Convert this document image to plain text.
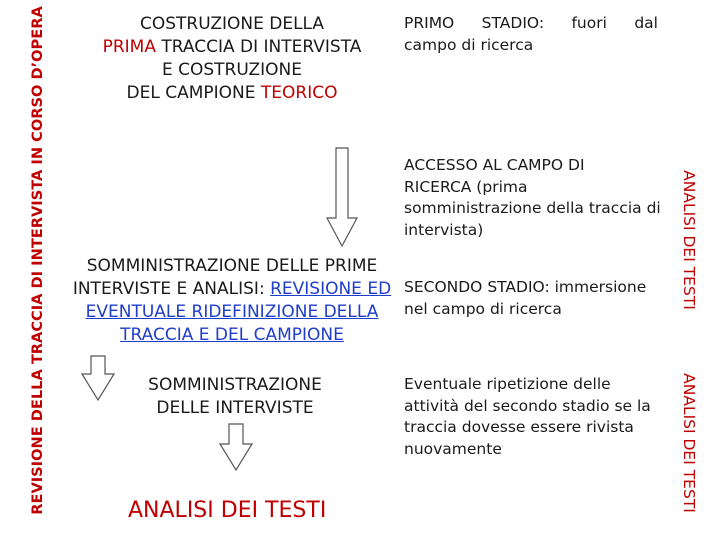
REVISIONE DELLA TRACCIA DI INTERVISTA IN CORSO D’OPERA	ANALISI DEI TESTI
ANALISI DEI TESTI
COSTRUZIONE DELLA
PRIMA TRACCIA DI INTERVISTA
E COSTRUZIONE
DEL CAMPIONE TEORICO
SOMMINISTRAZIONE DELLE PRIME
INTERVISTE E ANALISI: REVISIONE ED
EVENTUALE RIDEFINIZIONE DELLA
TRACCIA E DEL CAMPIONE
SOMMINISTRAZIONE
DELLE INTERVISTE
ANALISI DEI TESTI
PRIMO STADIO: fuori dal
campo di ricerca
ACCESSO AL CAMPO DI
RICERCA (prima
somministrazione della traccia di
intervista)
SECONDO STADIO: immersione
nel campo di ricerca
Eventuale ripetizione delle
attività del secondo stadio se la
traccia dovesse essere rivista
nuovamente
